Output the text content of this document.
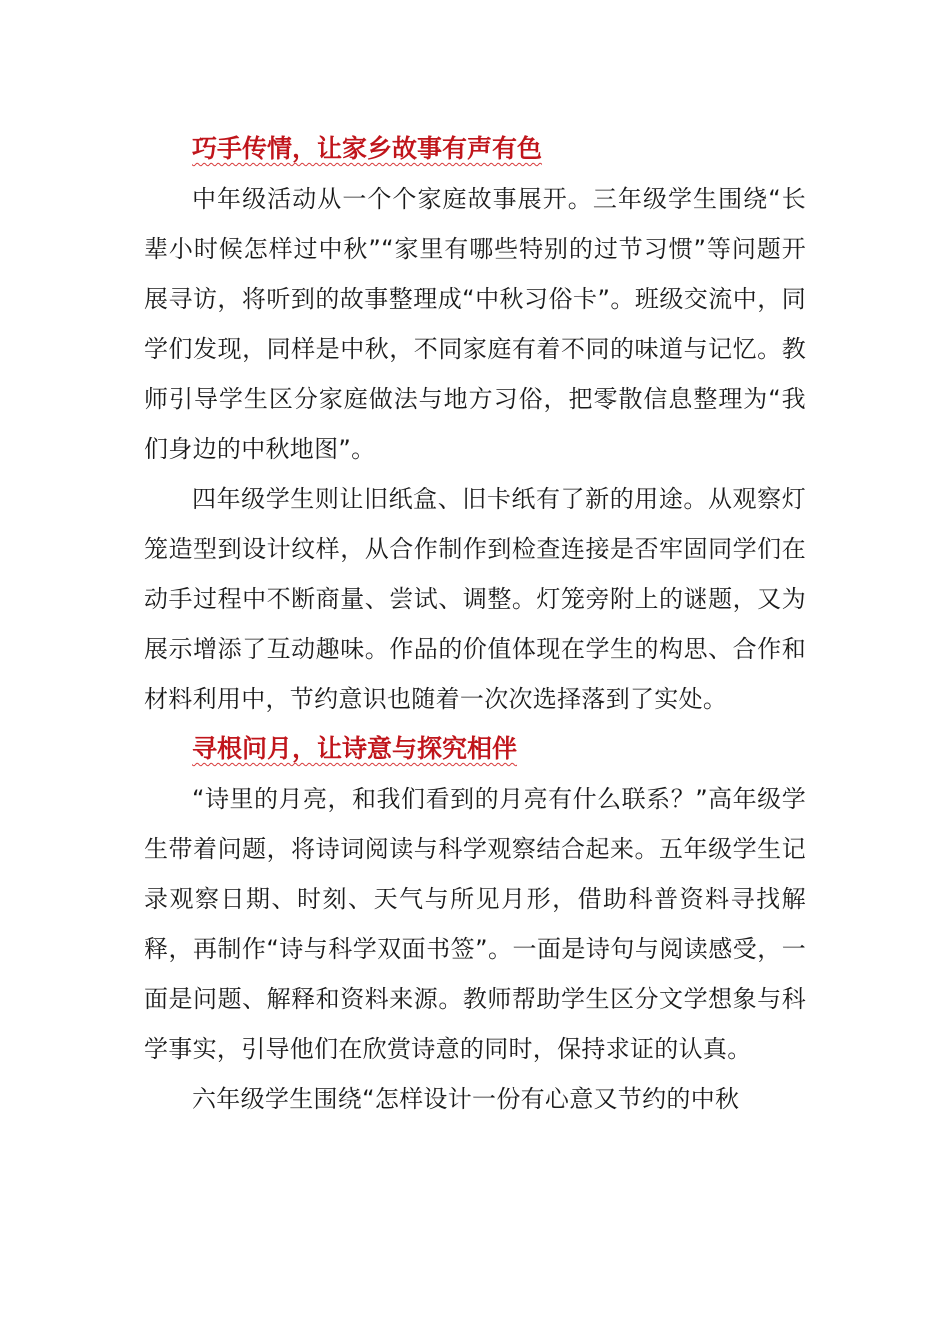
巧手传情，让家乡故事有声有色

中年级活动从一个个家庭故事展开。三年级学生围绕“长辈小时候怎样过中秋”“家里有哪些特别的过节习惯”等问题开展寻访，将听到的故事整理成“中秋习俗卡”。班级交流中，同学们发现，同样是中秋，不同家庭有着不同的味道与记忆。教师引导学生区分家庭做法与地方习俗，把零散信息整理为“我们身边的中秋地图”。

四年级学生则让旧纸盒、旧卡纸有了新的用途。从观察灯笼造型到设计纹样，从合作制作到检查连接是否牢固同学们在动手过程中不断商量、尝试、调整。灯笼旁附上的谜题，又为展示增添了互动趣味。作品的价值体现在学生的构思、合作和材料利用中，节约意识也随着一次次选择落到了实处。

寻根问月，让诗意与探究相伴

“诗里的月亮，和我们看到的月亮有什么联系？”高年级学生带着问题，将诗词阅读与科学观察结合起来。五年级学生记录观察日期、时刻、天气与所见月形，借助科普资料寻找解释，再制作“诗与科学双面书签”。一面是诗句与阅读感受，一面是问题、解释和资料来源。教师帮助学生区分文学想象与科学事实，引导他们在欣赏诗意的同时，保持求证的认真。

六年级学生围绕“怎样设计一份有心意又节约的中秋
